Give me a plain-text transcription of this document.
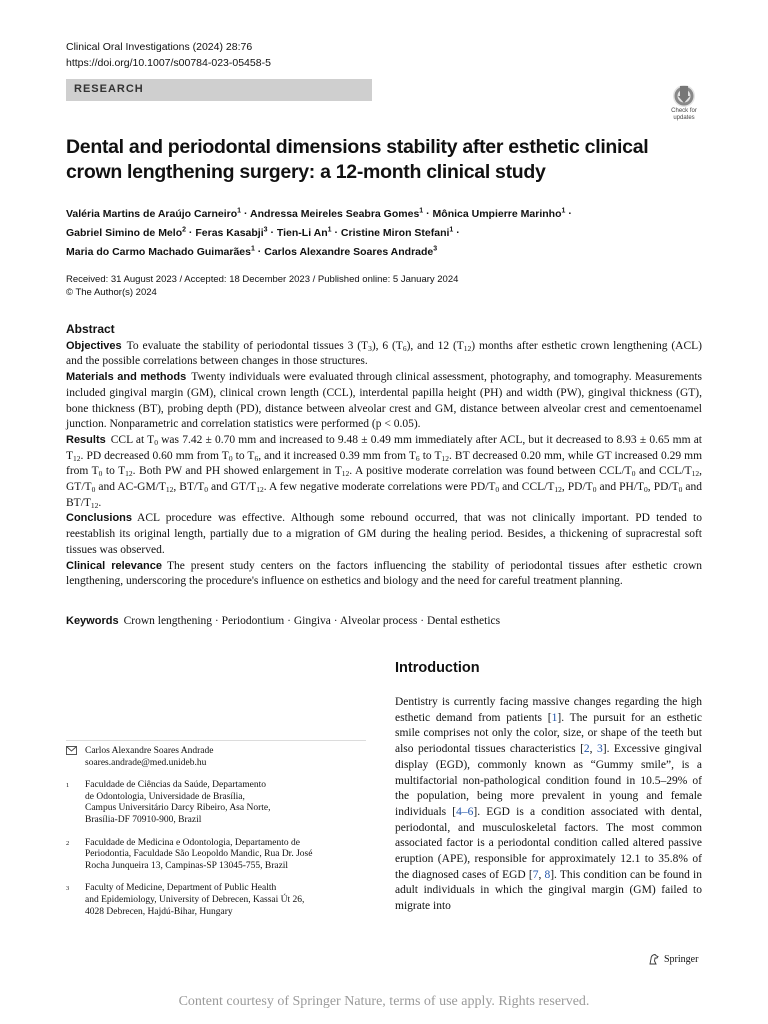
Clinical Oral Investigations (2024) 28:76
https://doi.org/10.1007/s00784-023-05458-5
RESEARCH
Check for
updates
Dental and periodontal dimensions stability after esthetic clinical crown lengthening surgery: a 12-month clinical study
Valéria Martins de Araújo Carneiro$^1$ · Andressa Meireles Seabra Gomes$^1$ · Mônica Umpierre Marinho$^1$ ·
Gabriel Simino de Melo$^2$ · Feras Kasabji$^3$ · Tien-Li $An^1$ · Cristine Miron Stefani$^1$ ·
Maria do Carmo Machado Guimarães$^1$ · Carlos Alexandre Soares Andrade$^3$
Received: 31 August 2023 / Accepted: 18 December 2023 / Published online: 5 January 2024
© The Author(s) 2024
Abstract

Objectives To evaluate the stability of periodontal tissues 3 $(T_3)$, 6 $(T_6)$, and 12 $(T_{12})$ months after esthetic crown lengthening (ACL) and the possible correlations between changes in those structures.

Materials and methods Twenty individuals were evaluated through clinical assessment, photography, and tomography. Measurements included gingival margin (GM), clinical crown length (CCL), interdental papilla height (PH) and width (PW), gingival thickness (GT), bone thickness (BT), probing depth (PD), distance between alveolar crest and GM, distance between alveolar crest and cementoenamel junction. Nonparametric and correlation statistics were performed (p < 0.05).

Results CCL at $T_0$ was 7.42 ± 0.70 mm and increased to 9.48 ± 0.49 mm immediately after ACL, but it decreased to 8.93 ± 0.65 mm at $T_{12}$. PD decreased 0.60 mm from $T_0$ to $T_6$, and it increased 0.39 mm from $T_6$ to $T_{12}$. BT decreased 0.20 mm, while GT increased 0.29 mm from $T_0$ to $T_{12}$. Both PW and PH showed enlargement in $T_{12}$. A positive moderate correlation was found between CCL/$T_0$ and CCL/$T_{12}$, $GT/T_0$ and $AC-GM/T_{12}$, $BT/T_0$ and $GT/T_{12}$. A few negative moderate correlations were $PD/T_0$ and CCL/$T_{12}$, $PD/T_0$ and $PH/T_0$, $PD/T_0$ and $BT/T_{12}$.

Conclusions ACL procedure was effective. Although some rebound occurred, that was not clinically important. PD tended to reestablish its original length, partially due to a migration of GM during the healing period. Besides, a thickening of supracrestal soft tissues was observed.

Clinical relevance The present study centers on the factors influencing the stability of periodontal tissues after esthetic crown lengthening, underscoring the procedure's influence on esthetics and biology and the need for careful treatment planning.

Keywords Crown lengthening · Periodontium · Gingiva · Alveolar process · Dental esthetics
Introduction
Dentistry is currently facing massive changes regarding the high esthetic demand from patients [1]. The pursuit for an esthetic smile comprises not only the color, size, or shape of the teeth but also periodontal tissues characteristics [2, 3]. Excessive gingival display (EGD), commonly known as “Gummy smile”, is a multifactorial non-pathological condition found in 10.5–29% of the population, being more prevalent in young and female individuals [4–6]. EGD is a condition associated with dental, periodontal, and musculoskeletal factors. The most common associated factor is a periodontal condition called altered passive eruption (APE), responsible for approximately 12.1 to 35.8% of the diagnosed cases of EGD [7, 8]. This condition can be found in adult individuals in which the gingival margin (GM) failed to migrate into
Carlos Alexandre Soares Andrade
soares.andrade@med.unideb.hu
$^1$	Faculdade de Ciências da Saúde, Departamento
de Odontologia, Universidade de Brasília,
Campus Universitário Darcy Ribeiro, Asa Norte,
Brasília-DF 70910-900, Brazil
$^2$	Faculdade de Medicina e Odontologia, Departamento de
Periodontia, Faculdade São Leopoldo Mandic, Rua Dr. José
Rocha Junqueira 13, Campinas-SP 13045-755, Brazil
$^3$	Faculty of Medicine, Department of Public Health
and Epidemiology, University of Debrecen, Kassai Út 26,
4028 Debrecen, Hajdú-Bihar, Hungary
Springer
Content courtesy of Springer Nature, terms of use apply. Rights reserved.
